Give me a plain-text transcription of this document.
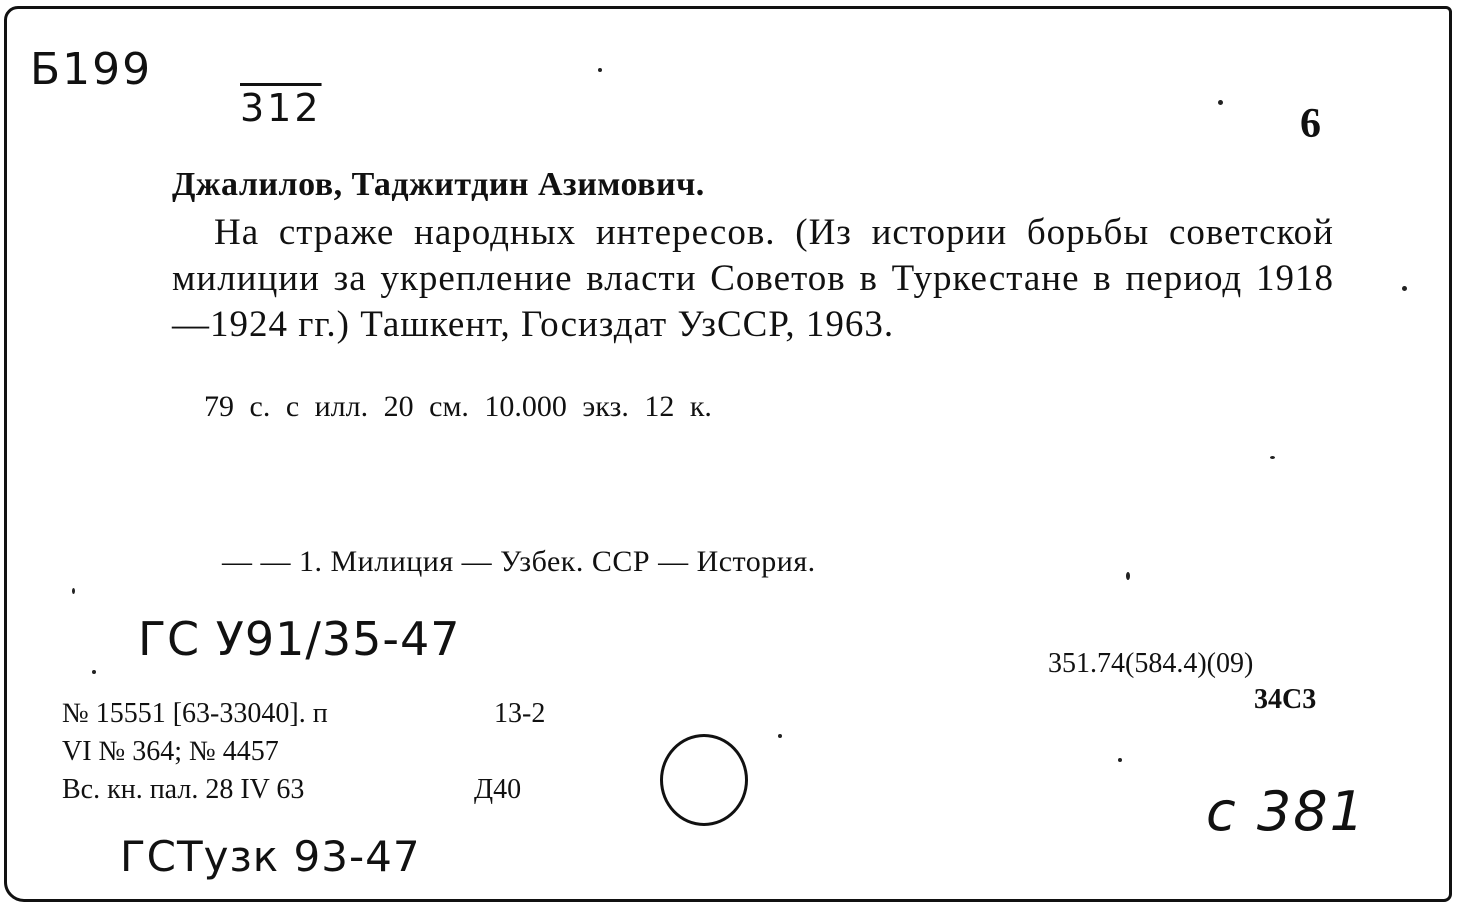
Б199
312	6
Джалилов, Таджитдин Азимович.
На страже народных интересов. (Из истории борьбы советской милиции за укрепление власти Советов в Туркестане в период 1918—1924 гг.) Ташкент, Госиздат УзССР, 1963.
79 с. с илл. 20 см. 10.000 экз. 12 к.
— — 1. Милиция — Узбек. ССР — История.
ГС У91/35-47	351.74(584.4)(09)
34С3
№ 15551 [63-33040]. п	13-2
VI № 364; № 4457
Вс. кн. пал. 28 IV 63	Д40
ГСТузк 93-47
с 381
